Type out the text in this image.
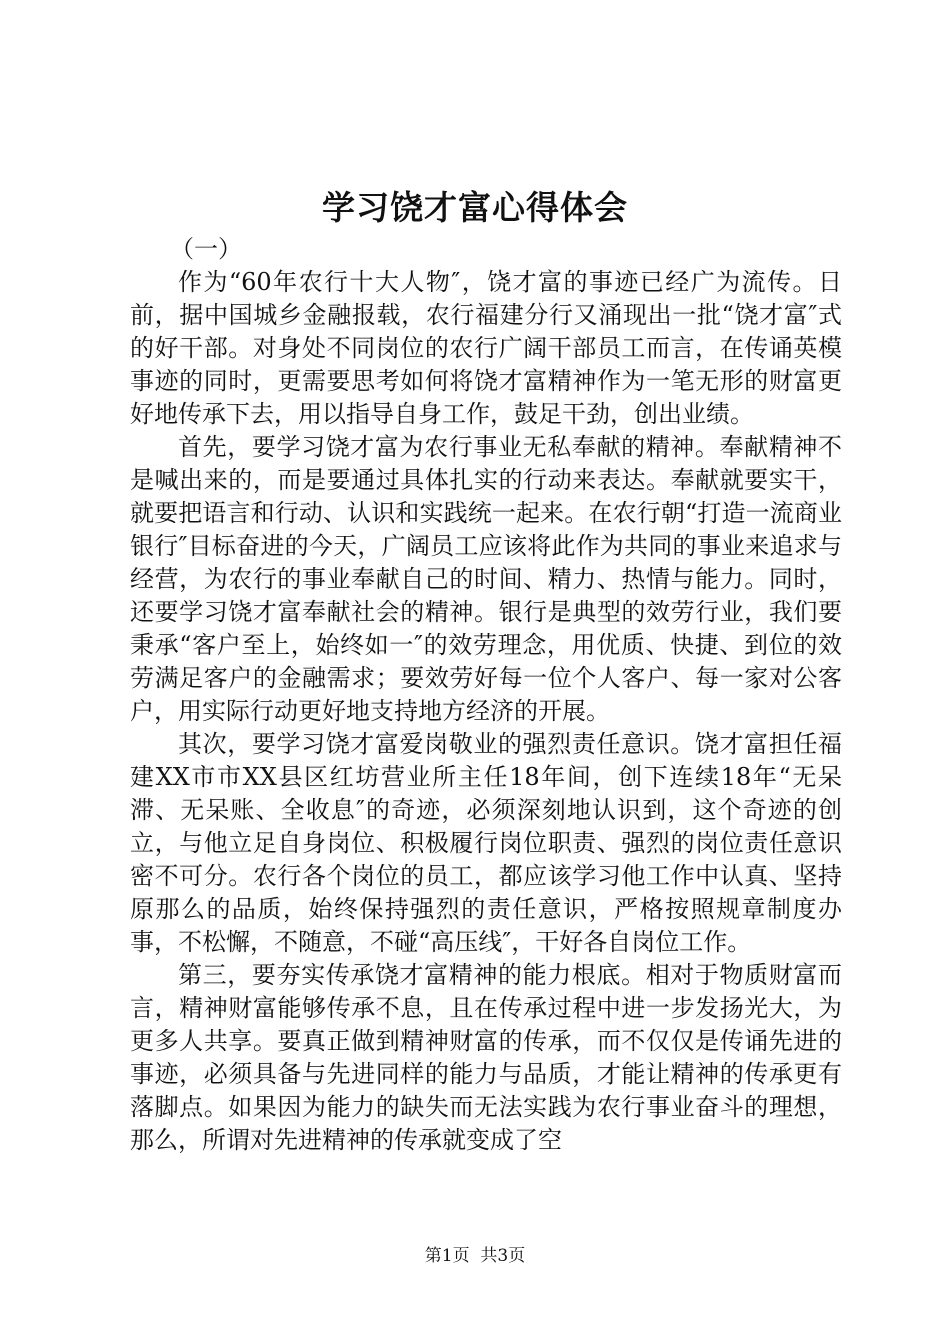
学习饶才富心得体会

（一）

作为“60年农行十大人物″，饶才富的事迹已经广为流传。日前，据中国城乡金融报载，农行福建分行又涌现出一批“饶才富″式的好干部。对身处不同岗位的农行广阔干部员工而言，在传诵英模事迹的同时，更需要思考如何将饶才富精神作为一笔无形的财富更好地传承下去，用以指导自身工作，鼓足干劲，创出业绩。

首先，要学习饶才富为农行事业无私奉献的精神。奉献精神不是喊出来的，而是要通过具体扎实的行动来表达。奉献就要实干，就要把语言和行动、认识和实践统一起来。在农行朝“打造一流商业银行″目标奋进的今天，广阔员工应该将此作为共同的事业来追求与经营，为农行的事业奉献自己的时间、精力、热情与能力。同时，还要学习饶才富奉献社会的精神。银行是典型的效劳行业，我们要秉承“客户至上，始终如一″的效劳理念，用优质、快捷、到位的效劳满足客户的金融需求；要效劳好每一位个人客户、每一家对公客户，用实际行动更好地支持地方经济的开展。

其次，要学习饶才富爱岗敬业的强烈责任意识。饶才富担任福建XX市市XX县区红坊营业所主任18年间，创下连续18年“无呆滞、无呆账、全收息″的奇迹，必须深刻地认识到，这个奇迹的创立，与他立足自身岗位、积极履行岗位职责、强烈的岗位责任意识密不可分。农行各个岗位的员工，都应该学习他工作中认真、坚持原那么的品质，始终保持强烈的责任意识，严格按照规章制度办事，不松懈，不随意，不碰“高压线″，干好各自岗位工作。

第三，要夯实传承饶才富精神的能力根底。相对于物质财富而言，精神财富能够传承不息，且在传承过程中进一步发扬光大，为更多人共享。要真正做到精神财富的传承，而不仅仅是传诵先进的事迹，必须具备与先进同样的能力与品质，才能让精神的传承更有落脚点。如果因为能力的缺失而无法实践为农行事业奋斗的理想，那么，所谓对先进精神的传承就变成了空

第1页  共3页
